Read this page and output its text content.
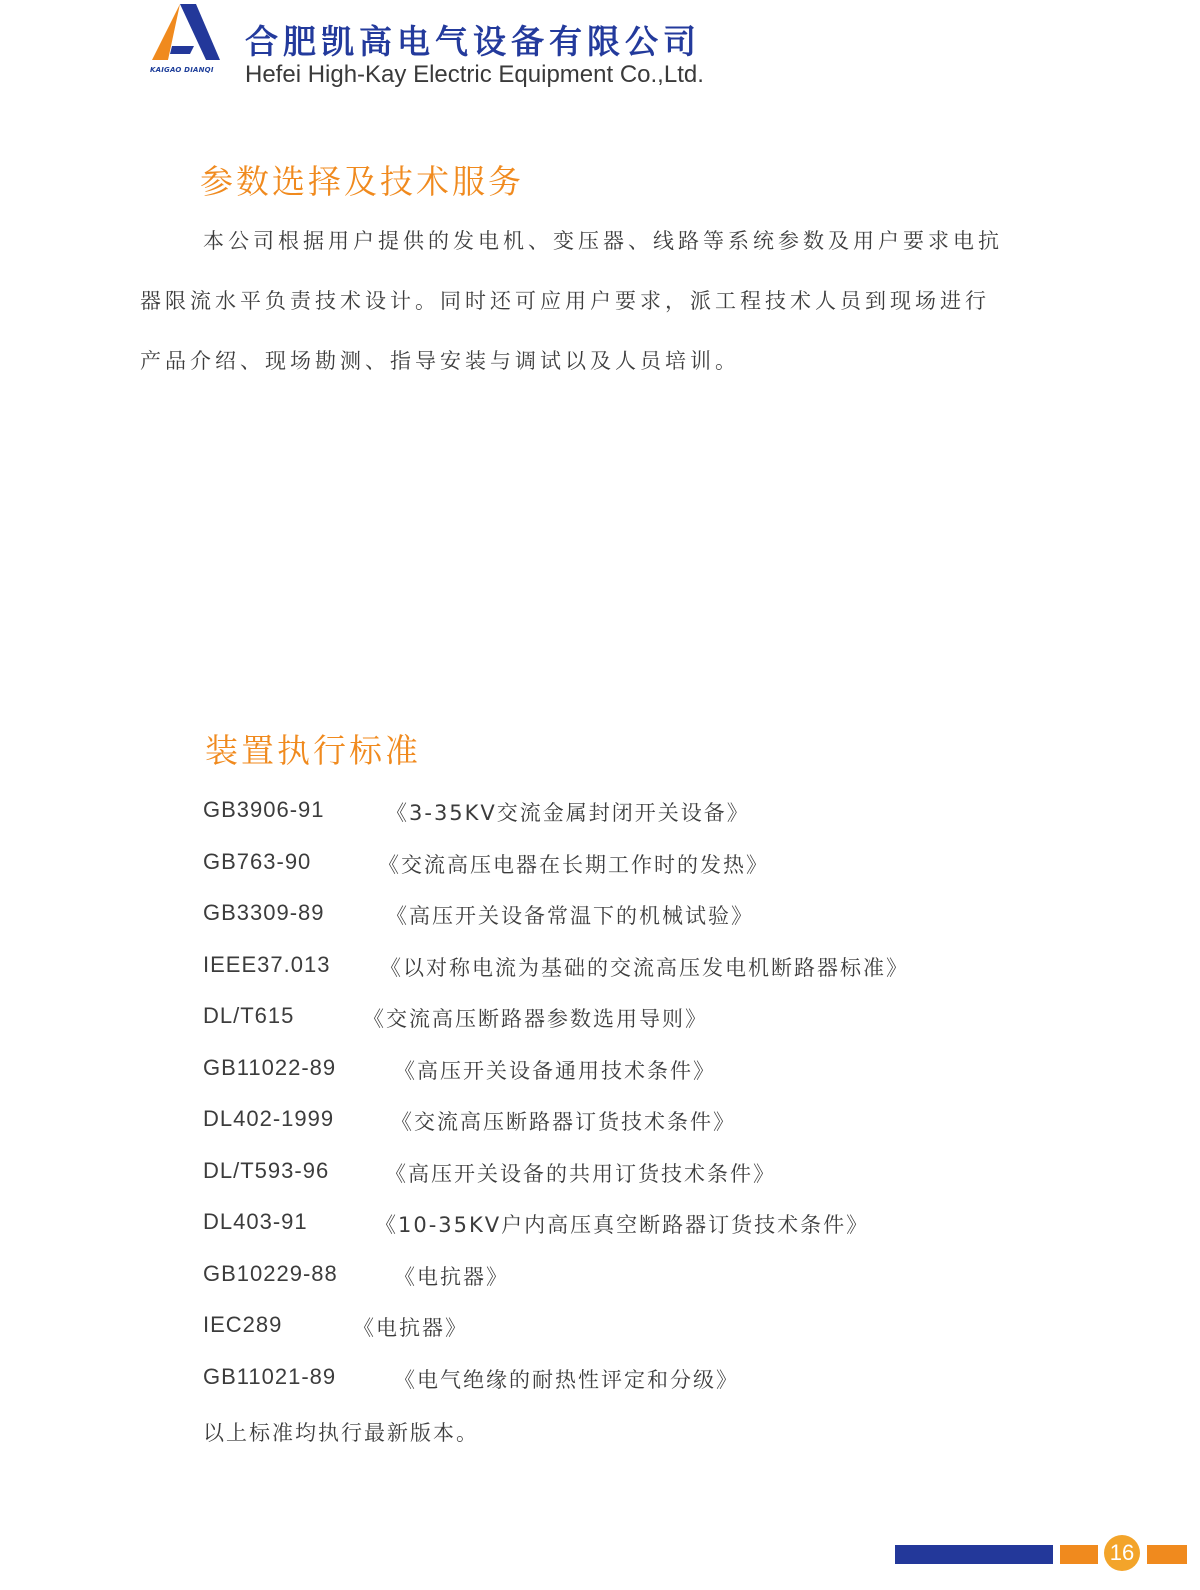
KAIGAO DIANQI
合肥凯高电气设备有限公司
Hefei High-Kay Electric Equipment Co.,Ltd.
参数选择及技术服务
本公司根据用户提供的发电机、变压器、线路等系统参数及用户要求电抗
器限流水平负责技术设计。同时还可应用户要求，派工程技术人员到现场进行
产品介绍、现场勘测、指导安装与调试以及人员培训。
装置执行标准
GB3906-91	《3-35KV交流金属封闭开关设备》
GB763-90	《交流高压电器在长期工作时的发热》
GB3309-89	《高压开关设备常温下的机械试验》
IEEE37.013 《以对称电流为基础的交流高压发电机断路器标准》
DL/T615	《交流高压断路器参数选用导则》
GB11022-89	《高压开关设备通用技术条件》
DL402-1999	《交流高压断路器订货技术条件》
DL/T593-96	《高压开关设备的共用订货技术条件》
DL403-91	《10-35KV户内高压真空断路器订货技术条件》
GB10229-88	《电抗器》
IEC289	《电抗器》
GB11021-89	《电气绝缘的耐热性评定和分级》
以上标准均执行最新版本。
16
